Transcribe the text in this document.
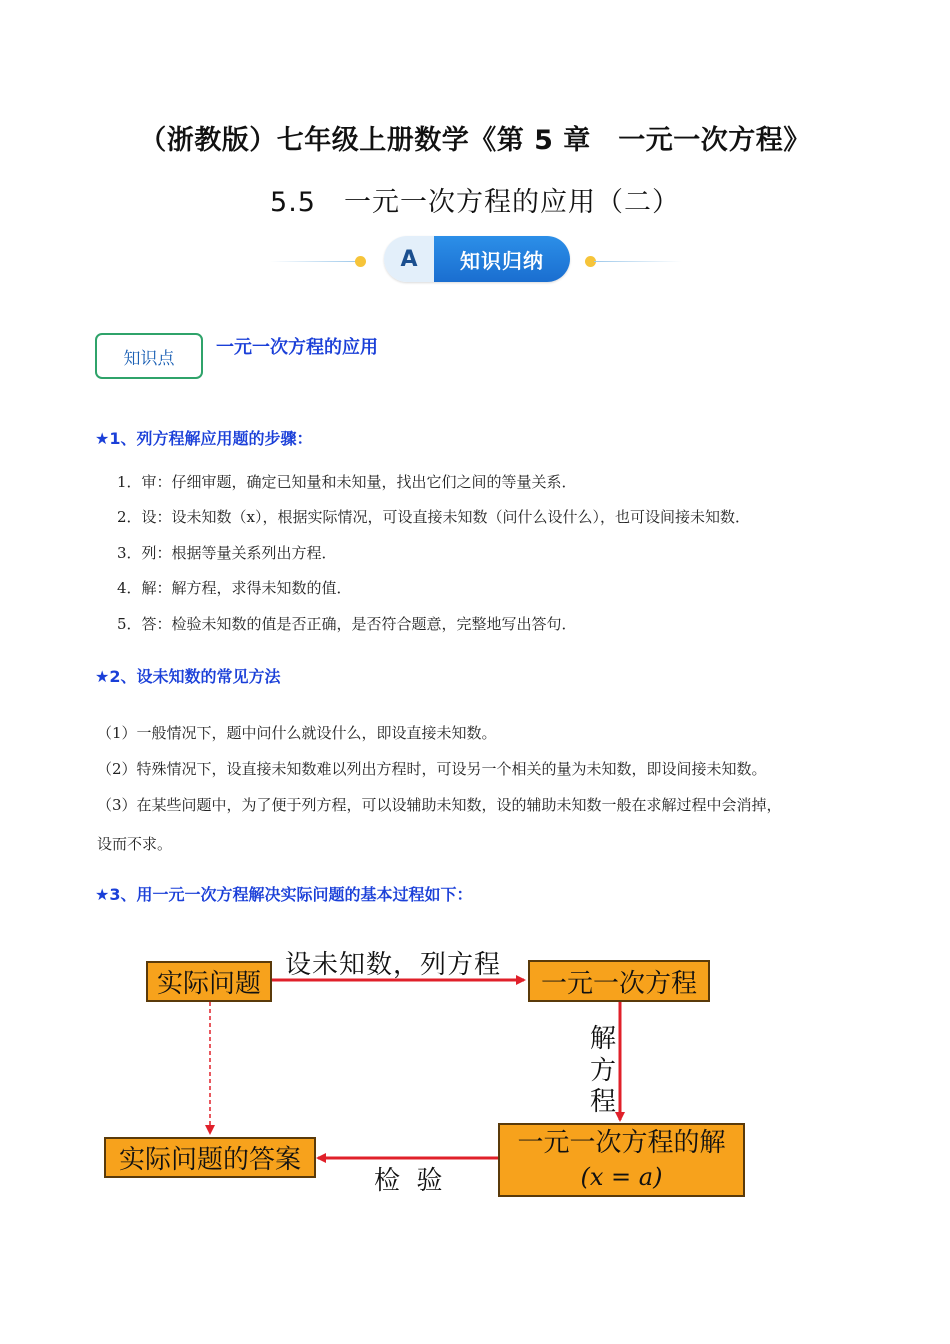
（浙教版）七年级上册数学《第 5 章　一元一次方程》
5.5　一元一次方程的应用（二）
A	知识归纳
知识点
一元一次方程的应用
★1、列方程解应用题的步骤：
1．审：仔细审题，确定已知量和未知量，找出它们之间的等量关系．
2．设：设未知数（x），根据实际情况，可设直接未知数（问什么设什么），也可设间接未知数．
3．列：根据等量关系列出方程．
4．解：解方程，求得未知数的值．
5．答：检验未知数的值是否正确，是否符合题意，完整地写出答句．
★2、设未知数的常见方法
（1）一般情况下，题中问什么就设什么，即设直接未知数。
（2）特殊情况下，设直接未知数难以列出方程时，可设另一个相关的量为未知数，即设间接未知数。
（3）在某些问题中，为了便于列方程，可以设辅助未知数，设的辅助未知数一般在求解过程中会消掉，
设而不求。
★3、用一元一次方程解决实际问题的基本过程如下：
实际问题	一元一次方程
实际问题的答案
一元一次方程的解
(x = a)
设未知数，列方程
解
方
程
检  验
